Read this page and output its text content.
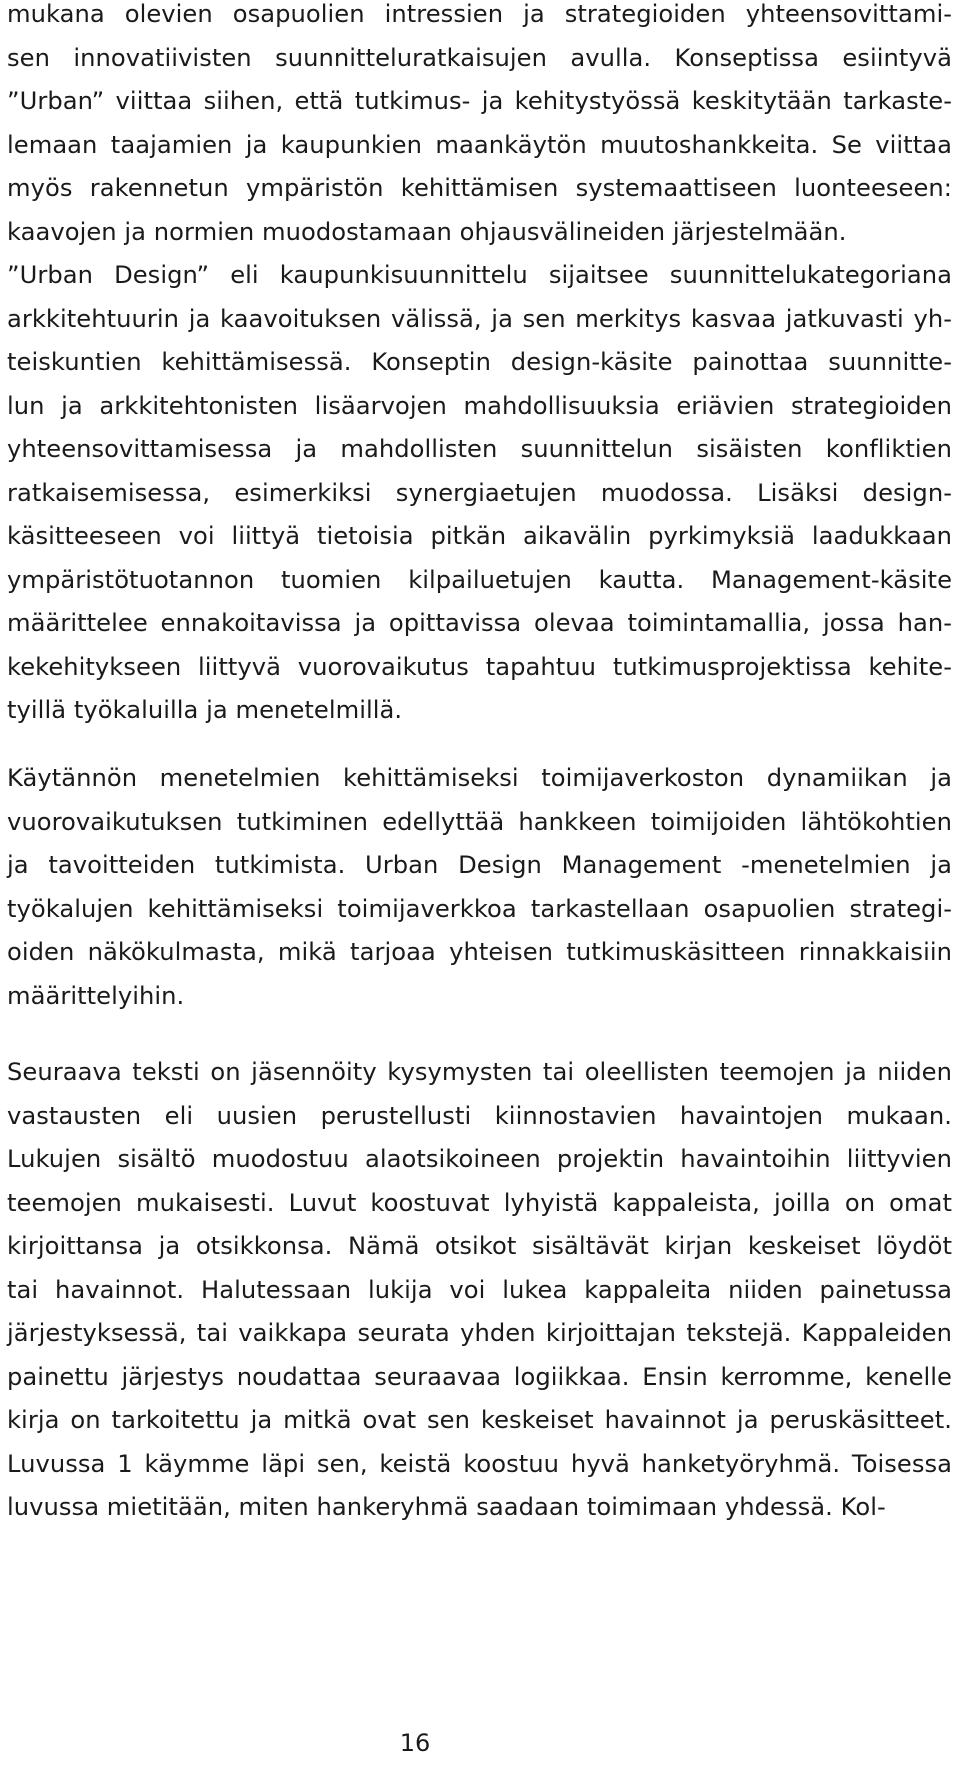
mukana olevien osapuolien intressien ja strategioiden yhteensovittami-
sen innovatiivisten suunnitteluratkaisujen avulla. Konseptissa esiintyvä
”Urban” viittaa siihen, että tutkimus- ja kehitystyössä keskitytään tarkaste-
lemaan taajamien ja kaupunkien maankäytön muutoshankkeita. Se viittaa
myös rakennetun ympäristön kehittämisen systemaattiseen luonteeseen:
kaavojen ja normien muodostamaan ohjausvälineiden järjestelmään.
”Urban Design” eli kaupunkisuunnittelu sijaitsee suunnittelukategoriana
arkkitehtuurin ja kaavoituksen välissä, ja sen merkitys kasvaa jatkuvasti yh-
teiskuntien kehittämisessä. Konseptin design-käsite painottaa suunnitte-
lun ja arkkitehtonisten lisäarvojen mahdollisuuksia eriävien strategioiden
yhteensovittamisessa ja mahdollisten suunnittelun sisäisten konfliktien
ratkaisemisessa, esimerkiksi synergiaetujen muodossa. Lisäksi design-
käsitteeseen voi liittyä tietoisia pitkän aikavälin pyrkimyksiä laadukkaan
ympäristötuotannon tuomien kilpailuetujen kautta. Management-käsite
määrittelee ennakoitavissa ja opittavissa olevaa toimintamallia, jossa han-
kekehitykseen liittyvä vuorovaikutus tapahtuu tutkimusprojektissa kehite-
tyillä työkaluilla ja menetelmillä.
Käytännön menetelmien kehittämiseksi toimijaverkoston dynamiikan ja
vuorovaikutuksen tutkiminen edellyttää hankkeen toimijoiden lähtökohtien
ja tavoitteiden tutkimista. Urban Design Management -menetelmien ja
työkalujen kehittämiseksi toimijaverkkoa tarkastellaan osapuolien strategi-
oiden näkökulmasta, mikä tarjoaa yhteisen tutkimuskäsitteen rinnakkaisiin
määrittelyihin.
Seuraava teksti on jäsennöity kysymysten tai oleellisten teemojen ja niiden
vastausten eli uusien perustellusti kiinnostavien havaintojen mukaan.
Lukujen sisältö muodostuu alaotsikoineen projektin havaintoihin liittyvien
teemojen mukaisesti. Luvut koostuvat lyhyistä kappaleista, joilla on omat
kirjoittansa ja otsikkonsa. Nämä otsikot sisältävät kirjan keskeiset löydöt
tai havainnot. Halutessaan lukija voi lukea kappaleita niiden painetussa
järjestyksessä, tai vaikkapa seurata yhden kirjoittajan tekstejä. Kappaleiden
painettu järjestys noudattaa seuraavaa logiikkaa. Ensin kerromme, kenelle
kirja on tarkoitettu ja mitkä ovat sen keskeiset havainnot ja peruskäsitteet.
Luvussa 1 käymme läpi sen, keistä koostuu hyvä hanketyöryhmä. Toisessa
luvussa mietitään, miten hankeryhmä saadaan toimimaan yhdessä. Kol-
16
